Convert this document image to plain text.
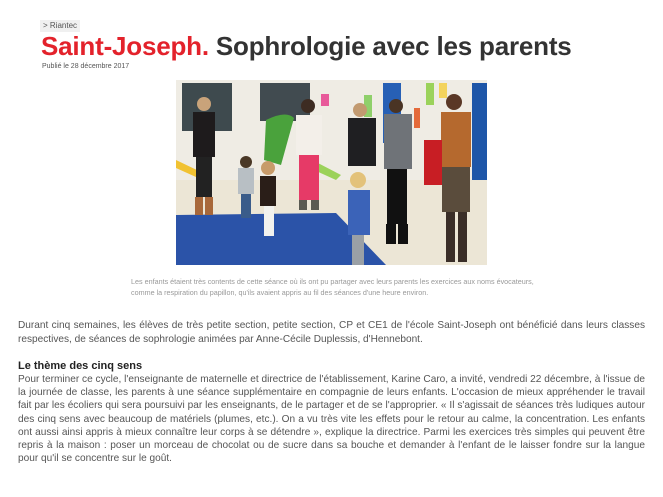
> Riantec
Saint-Joseph. Sophrologie avec les parents
Publié le 28 décembre 2017
Les enfants étaient très contents de cette séance où ils ont pu partager avec leurs parents les exercices aux noms évocateurs, comme la respiration du papillon, qu'ils avaient appris au fil des séances d'une heure environ.

Durant cinq semaines, les élèves de très petite section, petite section, CP et CE1 de l'école Saint-Joseph ont bénéficié dans leurs classes respectives, de séances de sophrologie animées par Anne-Cécile Duplessis, d'Hennebont.

Le thème des cinq sens

Pour terminer ce cycle, l'enseignante de maternelle et directrice de l'établissement, Karine Caro, a invité, vendredi 22 décembre, à l'issue de la journée de classe, les parents à une séance supplémentaire en compagnie de leurs enfants. L'occasion de mieux appréhender le travail fait par les écoliers qui sera poursuivi par les enseignants, de le partager et de se l'approprier. « Il s'agissait de séances très ludiques autour des cinq sens avec beaucoup de matériels (plumes, etc.). On a vu très vite les effets pour le retour au calme, la concentration. Les enfants ont aussi ainsi appris à mieux connaître leur corps à se détendre », explique la directrice. Parmi les exercices très simples qui peuvent être repris à la maison : poser un morceau de chocolat ou de sucre dans sa bouche et demander à l'enfant de le laisser fondre sur la langue pour qu'il se concentre sur le goût.
